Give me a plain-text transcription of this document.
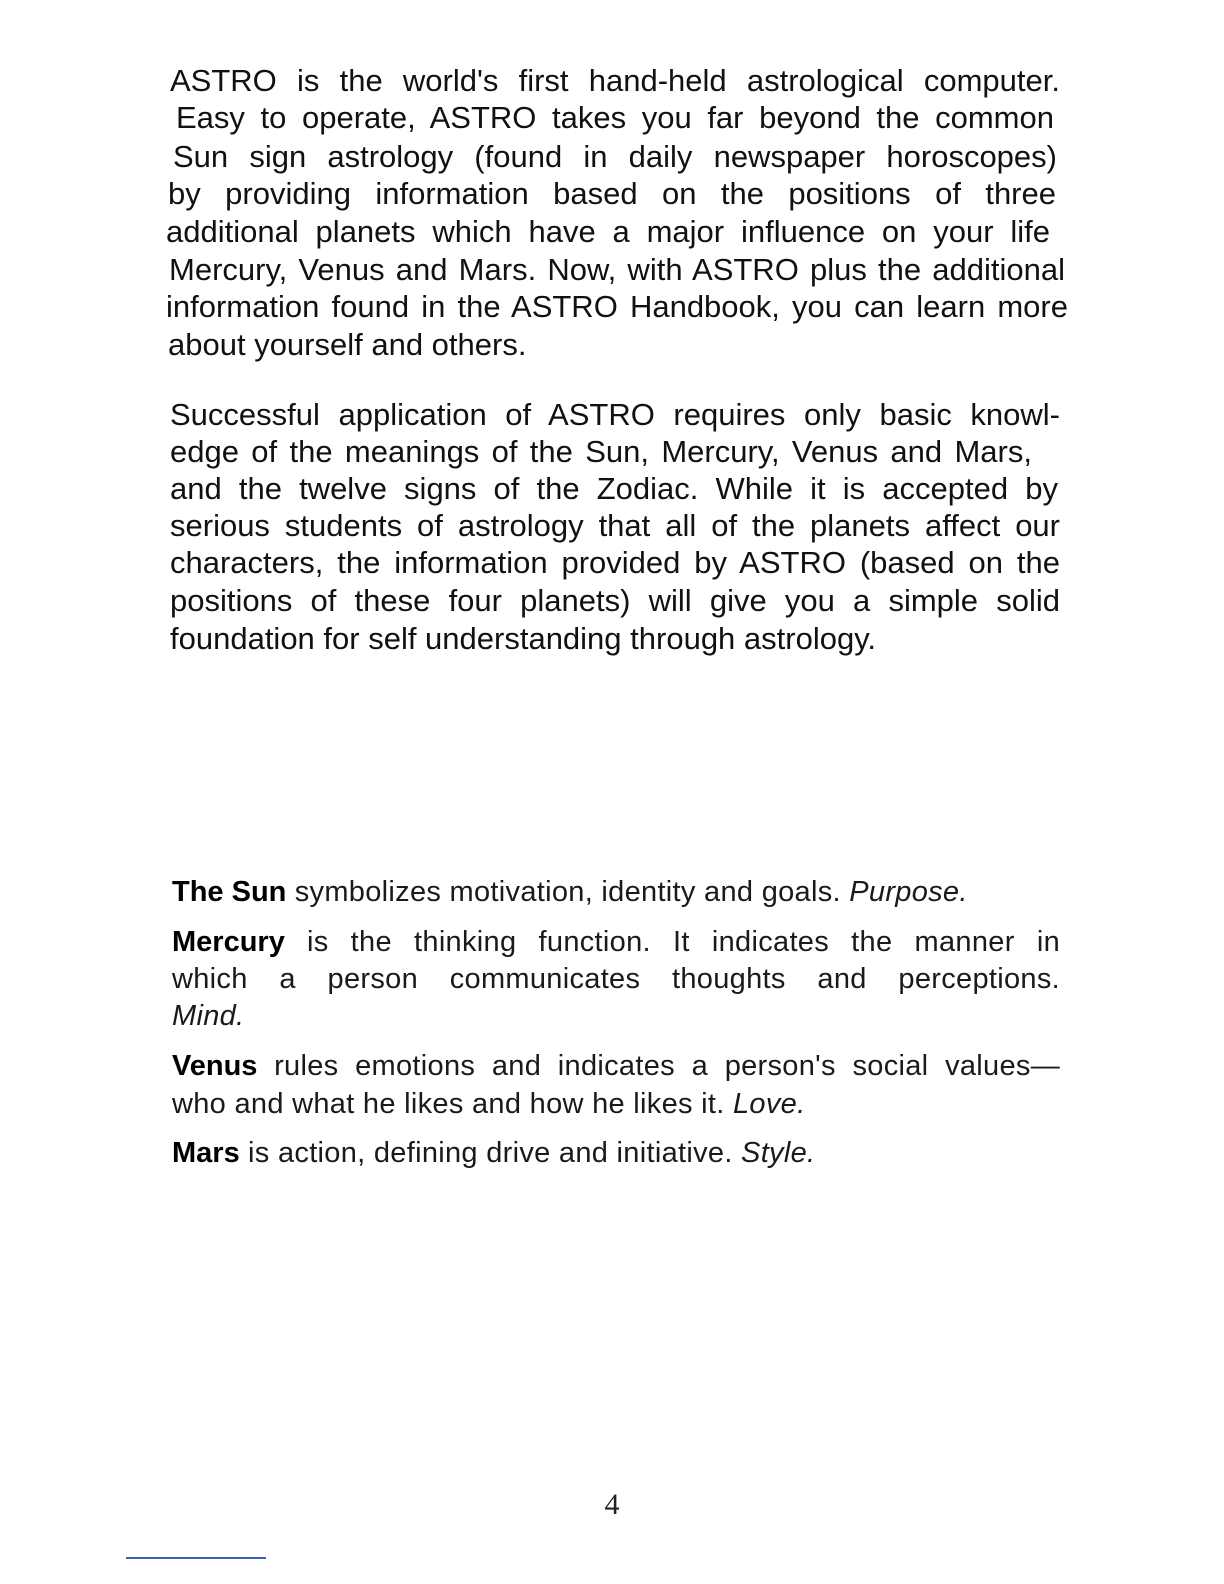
ASTRO is the world's first hand-held astrological computer.
Easy to operate, ASTRO takes you far beyond the common
Sun sign astrology (found in daily newspaper horoscopes)
by providing information based on the positions of three
additional planets which have a major influence on your life
Mercury, Venus and Mars. Now, with ASTRO plus the additional
information found in the ASTRO Handbook, you can learn more
about yourself and others.
Successful application of ASTRO requires only basic knowl-
edge of the meanings of the Sun, Mercury, Venus and Mars,
and the twelve signs of the Zodiac. While it is accepted by
serious students of astrology that all of the planets affect our
characters, the information provided by ASTRO (based on the
positions of these four planets) will give you a simple solid
foundation for self understanding through astrology.
The Sun symbolizes motivation, identity and goals. Purpose.
Mercury is the thinking function. It indicates the manner in
which a person communicates thoughts and perceptions.
Mind.
Venus rules emotions and indicates a person's social values—
who and what he likes and how he likes it. Love.
Mars is action, defining drive and initiative. Style.
4
